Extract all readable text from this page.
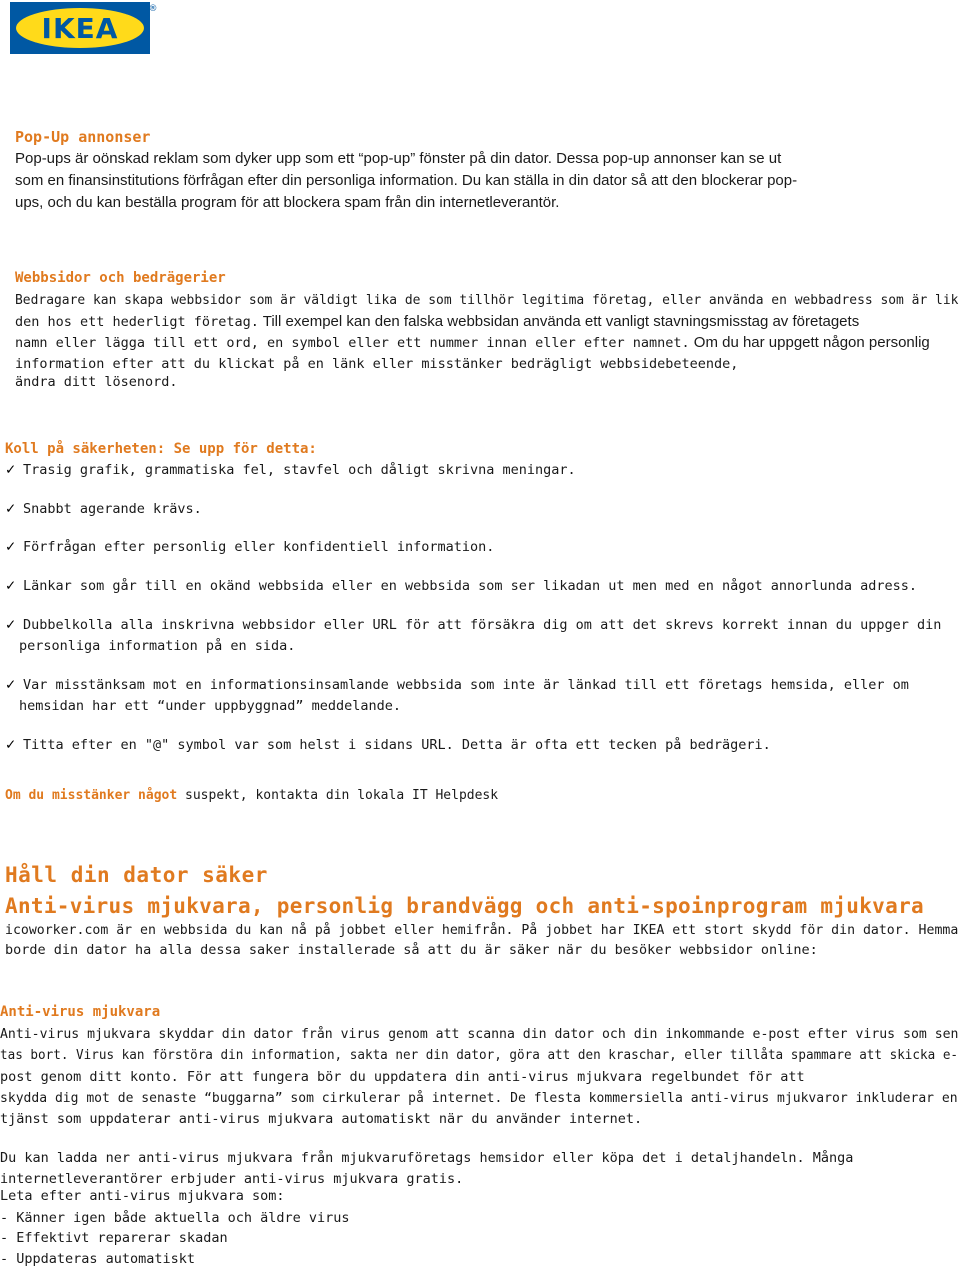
IKEA
®
Pop-Up annonser
Pop-ups är oönskad reklam som dyker upp som ett “pop-up” fönster på din dator. Dessa pop-up annonser kan se ut
som en finansinstitutions förfrågan efter din personliga information. Du kan ställa in din dator så att den blockerar pop-
ups, och du kan beställa program för att blockera spam från din internetleverantör.
Webbsidor och bedrägerier
Bedragare kan skapa webbsidor som är väldigt lika de som tillhör legitima företag, eller använda en webbadress som är lik
den hos ett hederligt företag. Till exempel kan den falska webbsidan använda ett vanligt stavningsmisstag av företagets
namn eller lägga till ett ord, en symbol eller ett nummer innan eller efter namnet. Om du har uppgett någon personlig
information efter att du klickat på en länk eller misstänker bedrägligt webbsidebeteende,
ändra ditt lösenord.
Koll på säkerheten: Se upp för detta:
✓ Trasig grafik, grammatiska fel, stavfel och dåligt skrivna meningar.
✓ Snabbt agerande krävs.
✓ Förfrågan efter personlig eller konfidentiell information.
✓ Länkar som går till en okänd webbsida eller en webbsida som ser likadan ut men med en något annorlunda adress.
✓ Dubbelkolla alla inskrivna webbsidor eller URL för att försäkra dig om att det skrevs korrekt innan du uppger din
personliga information på en sida.
✓ Var misstänksam mot en informationsinsamlande webbsida som inte är länkad till ett företags hemsida, eller om
hemsidan har ett “under uppbyggnad” meddelande.
✓ Titta efter en "@" symbol var som helst i sidans URL. Detta är ofta ett tecken på bedrägeri.
Om du misstänker något suspekt, kontakta din lokala IT Helpdesk
Håll din dator säker
Anti-virus mjukvara, personlig brandvägg och anti-spoinprogram mjukvara
icoworker.com är en webbsida du kan nå på jobbet eller hemifrån. På jobbet har IKEA ett stort skydd för din dator. Hemma
borde din dator ha alla dessa saker installerade så att du är säker när du besöker webbsidor online:
Anti-virus mjukvara
Anti-virus mjukvara skyddar din dator från virus genom att scanna din dator och din inkommande e-post efter virus som sen
tas bort. Virus kan förstöra din information, sakta ner din dator, göra att den kraschar, eller tillåta spammare att skicka e-
post genom ditt konto. För att fungera bör du uppdatera din anti-virus mjukvara regelbundet för att
skydda dig mot de senaste “buggarna” som cirkulerar på internet. De flesta kommersiella anti-virus mjukvaror inkluderar en
tjänst som uppdaterar anti-virus mjukvara automatiskt när du använder internet.
Du kan ladda ner anti-virus mjukvara från mjukvaruföretags hemsidor eller köpa det i detaljhandeln. Många
internetleverantörer erbjuder anti-virus mjukvara gratis.
Leta efter anti-virus mjukvara som:
- Känner igen både aktuella och äldre virus
- Effektivt reparerar skadan
- Uppdateras automatiskt
